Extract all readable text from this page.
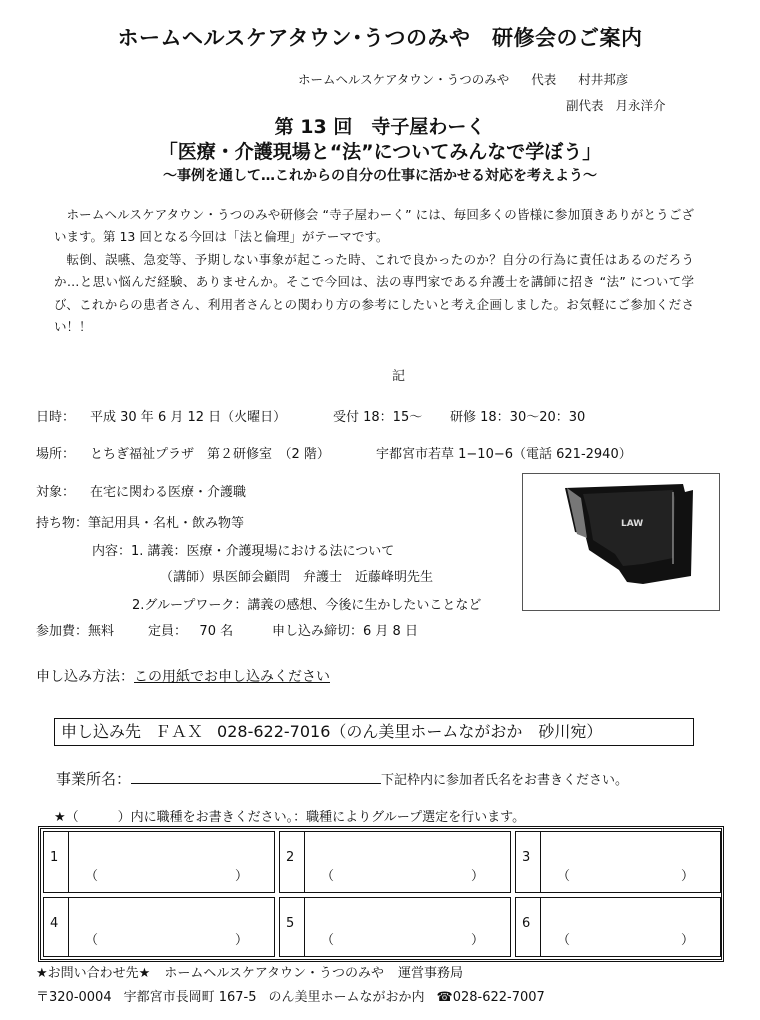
ホームヘルスケアタウン･うつのみや　研修会のご案内
ホームヘルスケアタウン・うつのみや 代表 村井邦彦
副代表 月永洋介
第 13 回　寺子屋わーく
「医療・介護現場と“法”についてみんなで学ぼう」
〜事例を通して…これからの自分の仕事に活かせる対応を考えよう〜

ホームヘルスケアタウン・うつのみや研修会 “寺子屋わーく” には、毎回多くの皆様に参加頂きありがとうございます。第 13 回となる今回は「法と倫理」がテーマです。

転倒、誤嚥、急変等、予期しない事象が起こった時、これで良かったのか？自分の行為に責任はあるのだろうか…と思い悩んだ経験、ありませんか。そこで今回は、法の専門家である弁護士を講師に招き “法” について学び、これからの患者さん、利用者さんとの関わり方の参考にしたいと考え企画しました。お気軽にご参加ください！！

記
日時： 平成 30 年 6 月 12 日（火曜日）	受付 18：15〜 研修 18：30〜20：30
場所： とちぎ福祉プラザ　第２研修室　（2 階）	宇都宮市若草 1−10−6（電話 621-2940）
対象： 在宅に関わる医療・介護職
持ち物：筆記用具・名札・飲み物等
内容：1. 講義：医療・介護現場における法について
（講師）県医師会顧問　弁護士　近藤峰明先生
2.グループワーク：講義の感想、今後に生かしたいことなど
参加費：無料	定員： 70 名	申し込み締切：6 月 8 日
LAW
申し込み方法：この用紙でお申し込みください
申し込み先 ＦＡＸ 028-622-7016（のん美里ホームながおか　砂川宛）
事業所名：	下記枠内に参加者氏名をお書きください。
★（　　　）内に職種をお書きください。：職種によりグループ選定を行います。
1
（	）
2
（	）
3
（	）
4
（	）
5
（	）
6
（	）
★お問い合わせ先★ ホームヘルスケアタウン・うつのみや 運営事務局
〒320-0004 宇都宮市長岡町 167-5 のん美里ホームながおか内 ☎028-622-7007
